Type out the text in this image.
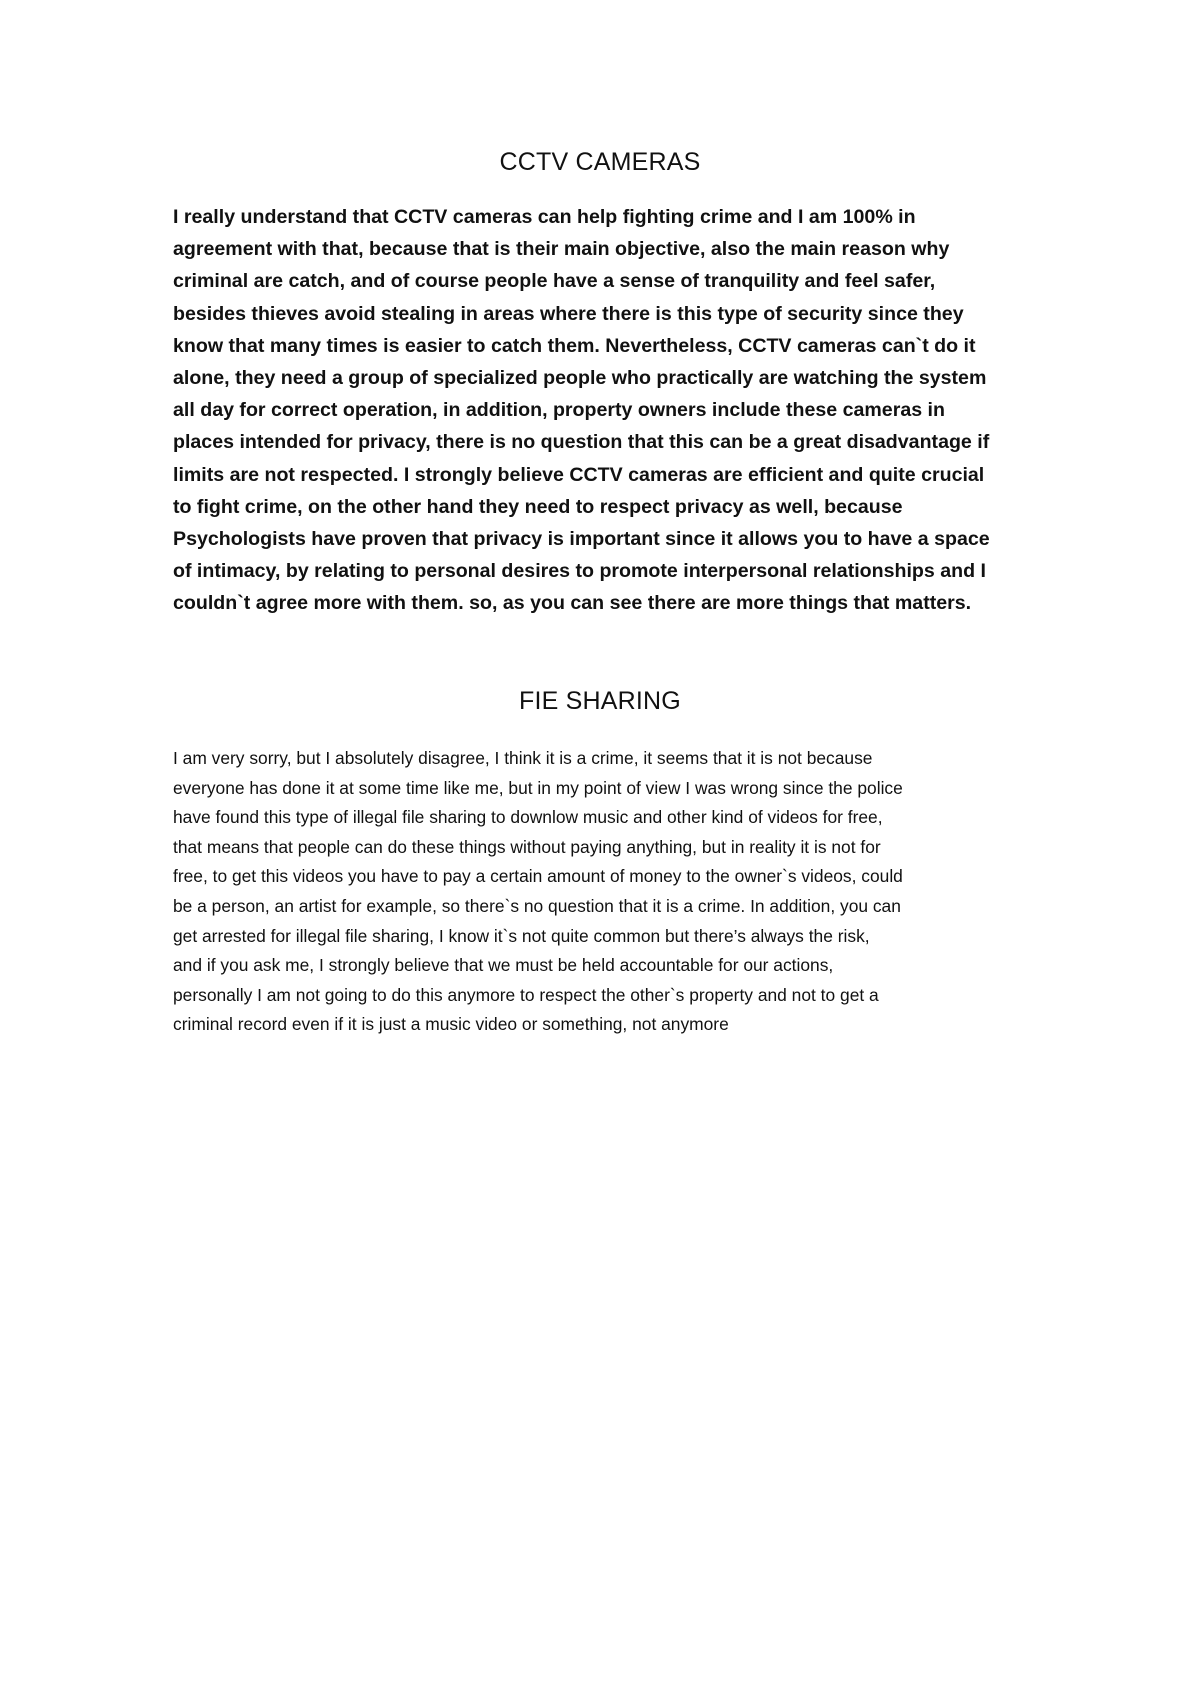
CCTV CAMERAS
I really understand that CCTV cameras can help fighting crime and I am 100% in
agreement with that, because that is their main objective, also the main reason why
criminal are catch, and of course people have a sense of tranquility and feel safer,
besides thieves avoid stealing in areas where there is this type of security since they
know that many times is easier to catch them. Nevertheless, CCTV cameras can`t do it
alone, they need a group of specialized people who practically are watching the system
all day for correct operation, in addition, property owners include these cameras in
places intended for privacy, there is no question that this can be a great disadvantage if
limits are not respected. I strongly believe CCTV cameras are efficient and quite crucial
to fight crime, on the other hand they need to respect privacy as well, because
Psychologists have proven that privacy is important since it allows you to have a space
of intimacy, by relating to personal desires to promote interpersonal relationships and I
couldn`t agree more with them. so, as you can see there are more things that matters.
FIE SHARING
I am very sorry, but I absolutely disagree, I think it is a crime, it seems that it is not because
everyone has done it at some time like me, but in my point of view I was wrong since the police
have found this type of illegal file sharing to downlow music and other kind of videos for free,
that means that people can do these things without paying anything, but in reality it is not for
free, to get this videos you have to pay a certain amount of money to the owner`s videos, could
be a person, an artist for example, so there`s no question that it is a crime. In addition, you can
get arrested for illegal file sharing, I know it`s not quite common but there’s always the risk,
and if you ask me, I strongly believe that we must be held accountable for our actions,
personally I am not going to do this anymore to respect the other`s property and not to get a
criminal record even if it is just a music video or something, not anymore
